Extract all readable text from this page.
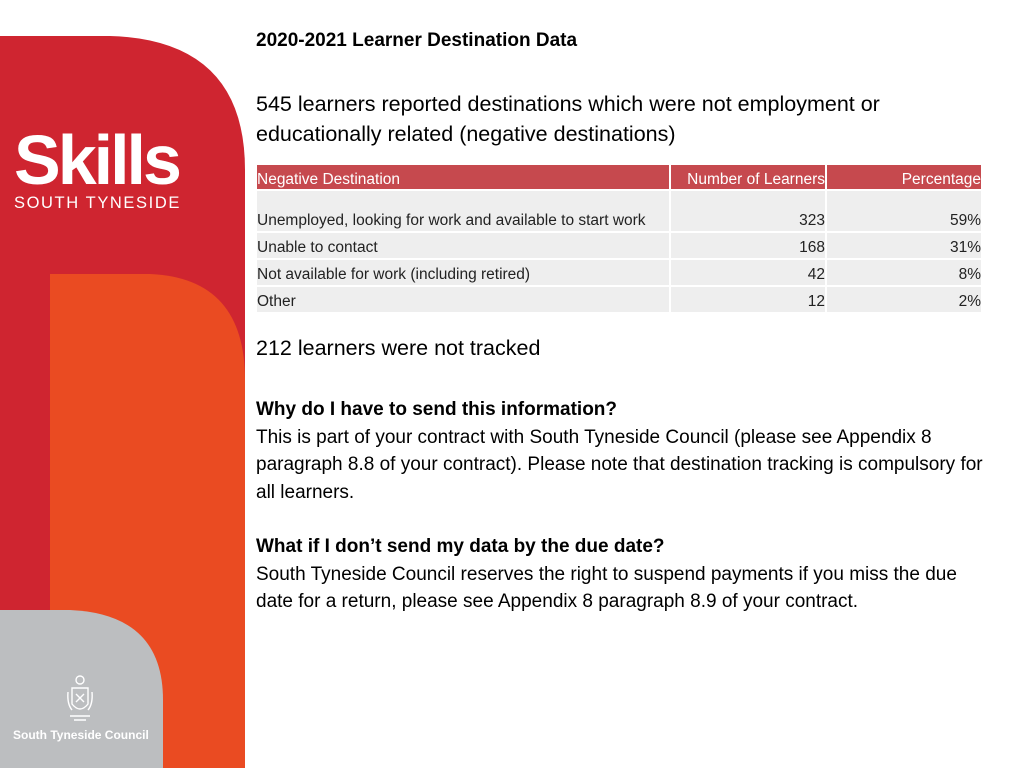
Skills
SOUTH TYNESIDE
South Tyneside Council
2020-2021 Learner Destination Data
545 learners reported destinations which were not employment or educationally related (negative destinations)
Negative Destination	Number of Learners	Percentage
Unemployed, looking for work and available to start work	323	59%
Unable to contact	168	31%
Not available for work (including retired)	42	8%
Other	12	2%
212 learners were not tracked
Why do I have to send this information?
This is part of your contract with South Tyneside Council (please see Appendix 8 paragraph 8.8 of your contract). Please note that destination tracking is compulsory for all learners.
What if I don’t send my data by the due date?
South Tyneside Council reserves the right to suspend payments if you miss the due date for a return, please see Appendix 8 paragraph 8.9 of your contract.
